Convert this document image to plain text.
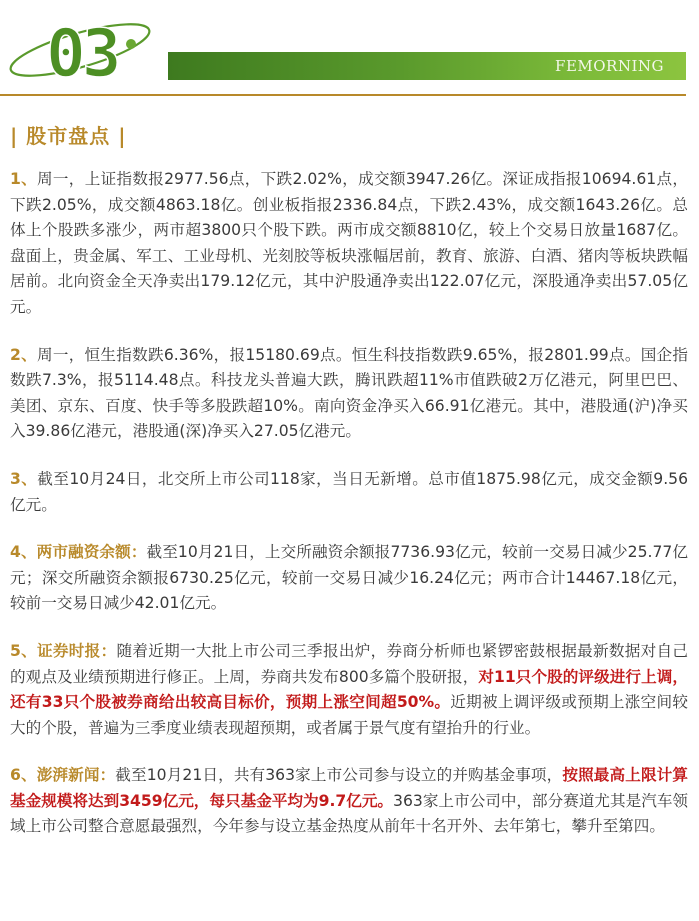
03	FEMORNING
| 股市盘点 |

1、周一，上证指数报2977.56点，下跌2.02%，成交额3947.26亿。深证成指报10694.61点，下跌2.05%，成交额4863.18亿。创业板指报2336.84点，下跌2.43%，成交额1643.26亿。总体上个股跌多涨少，两市超3800只个股下跌。两市成交额8810亿，较上个交易日放量1687亿。盘面上，贵金属、军工、工业母机、光刻胶等板块涨幅居前，教育、旅游、白酒、猪肉等板块跌幅居前。北向资金全天净卖出179.12亿元，其中沪股通净卖出122.07亿元，深股通净卖出57.05亿元。

2、周一，恒生指数跌6.36%，报15180.69点。恒生科技指数跌9.65%，报2801.99点。国企指数跌7.3%，报5114.48点。科技龙头普遍大跌，腾讯跌超11%市值跌破2万亿港元，阿里巴巴、美团、京东、百度、快手等多股跌超10%。南向资金净买入66.91亿港元。其中，港股通(沪)净买入39.86亿港元，港股通(深)净买入27.05亿港元。

3、截至10月24日，北交所上市公司118家，当日无新增。总市值1875.98亿元，成交金额9.56亿元。

4、两市融资余额：截至10月21日，上交所融资余额报7736.93亿元，较前一交易日减少25.77亿元；深交所融资余额报6730.25亿元，较前一交易日减少16.24亿元；两市合计14467.18亿元，较前一交易日减少42.01亿元。

5、证券时报：随着近期一大批上市公司三季报出炉，券商分析师也紧锣密鼓根据最新数据对自己的观点及业绩预期进行修正。上周，券商共发布800多篇个股研报，对11只个股的评级进行上调，还有33只个股被券商给出较高目标价，预期上涨空间超50%。近期被上调评级或预期上涨空间较大的个股，普遍为三季度业绩表现超预期，或者属于景气度有望抬升的行业。

6、澎湃新闻：截至10月21日，共有363家上市公司参与设立的并购基金事项，按照最高上限计算基金规模将达到3459亿元，每只基金平均为9.7亿元。363家上市公司中，部分赛道尤其是汽车领域上市公司整合意愿最强烈，今年参与设立基金热度从前年十名开外、去年第七，攀升至第四。
